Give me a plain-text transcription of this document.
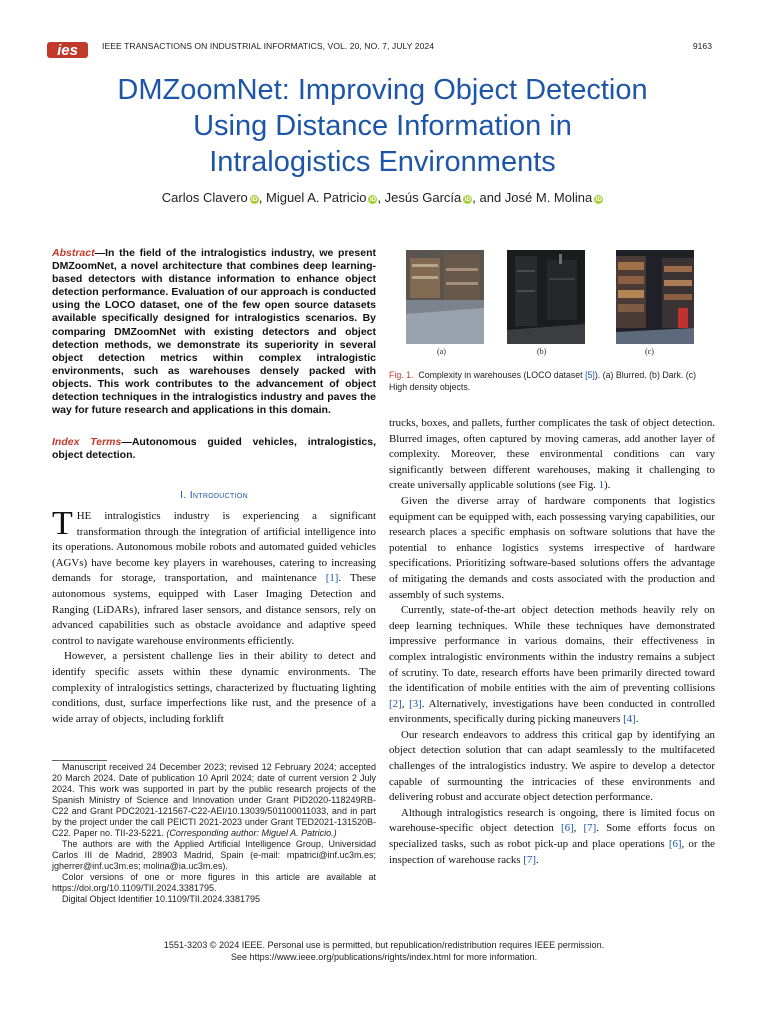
ies	IEEE TRANSACTIONS ON INDUSTRIAL INFORMATICS, VOL. 20, NO. 7, JULY 2024	9163
DMZoomNet: Improving Object Detection
Using Distance Information in
Intralogistics Environments
Carlos Clavero iD, Miguel A. Patricio iD, Jesús García iD, and José M. Molina iD
Abstract—In the field of the intralogistics industry, we present DMZoomNet, a novel architecture that combines deep learning-based detectors with distance information to enhance object detection performance. Evaluation of our approach is conducted using the LOCO dataset, one of the few open source datasets available specifically designed for intralogistics scenarios. By comparing DMZoomNet with existing detectors and object detection methods, we demonstrate its superiority in several object detection metrics within complex intralogistic environments, such as warehouses densely packed with objects. This work contributes to the advancement of object detection techniques in the intralogistics industry and paves the way for future research and applications in this domain.
Index Terms—Autonomous guided vehicles, intralogistics, object detection.
I. Introduction

THE intralogistics industry is experiencing a significant transformation through the integration of artificial intelligence into its operations. Autonomous mobile robots and automated guided vehicles (AGVs) have become key players in warehouses, catering to increasing demands for storage, transportation, and maintenance [1]. These autonomous systems, equipped with Laser Imaging Detection and Ranging (LiDARs), infrared laser sensors, and distance sensors, rely on advanced capabilities such as obstacle avoidance and adaptive speed control to navigate warehouse environments efficiently.

However, a persistent challenge lies in their ability to detect and identify specific assets within these dynamic environments. The complexity of intralogistics settings, characterized by fluctuating lighting conditions, dust, surface imperfections like rust, and the presence of a wide array of objects, including forklift

Manuscript received 24 December 2023; revised 12 February 2024; accepted 20 March 2024. Date of publication 10 April 2024; date of current version 2 July 2024. This work was supported in part by the public research projects of the Spanish Ministry of Science and Innovation under Grant PID2020-118249RB-C22 and Grant PDC2021-121567-C22-AEI/10.13039/501100011033, and in part by the project under the call PEICTI 2021-2023 under Grant TED2021-131520B-C22. Paper no. TII-23-5221. (Corresponding author: Miguel A. Patricio.)

The authors are with the Applied Artificial Intelligence Group, Universidad Carlos III de Madrid, 28903 Madrid, Spain (e-mail: mpatrici@inf.uc3m.es; jgherrer@inf.uc3m.es; molina@ia.uc3m.es).

Color versions of one or more figures in this article are available at https://doi.org/10.1109/TII.2024.3381795.

Digital Object Identifier 10.1109/TII.2024.3381795

(a)	(b)	(c)
Fig. 1. Complexity in warehouses (LOCO dataset [5]). (a) Blurred. (b) Dark. (c) High density objects.

trucks, boxes, and pallets, further complicates the task of object detection. Blurred images, often captured by moving cameras, add another layer of complexity. Moreover, these environmental conditions can vary significantly between different warehouses, making it challenging to create universally applicable solutions (see Fig. 1).

Given the diverse array of hardware components that logistics equipment can be equipped with, each possessing varying capabilities, our research places a specific emphasis on software solutions that have the potential to enhance logistics systems irrespective of hardware specifications. Prioritizing software-based solutions offers the advantage of mitigating the demands and costs associated with the production and assembly of such systems.

Currently, state-of-the-art object detection methods heavily rely on deep learning techniques. While these techniques have demonstrated impressive performance in various domains, their effectiveness in complex intralogistic environments within the industry remains a subject of scrutiny. To date, research efforts have been primarily directed toward the identification of mobile entities with the aim of preventing collisions [2], [3]. Alternatively, investigations have been conducted in controlled environments, specifically during picking maneuvers [4].

Our research endeavors to address this critical gap by identifying an object detection solution that can adapt seamlessly to the multifaceted challenges of the intralogistics industry. We aspire to develop a detector capable of surmounting the intricacies of these environments and delivering robust and accurate object detection performance.

Although intralogistics research is ongoing, there is limited focus on warehouse-specific object detection [6], [7]. Some efforts focus on specialized tasks, such as robot pick-up and place operations [6], or the inspection of warehouse racks [7].

1551-3203 © 2024 IEEE. Personal use is permitted, but republication/redistribution requires IEEE permission.
See https://www.ieee.org/publications/rights/index.html for more information.
